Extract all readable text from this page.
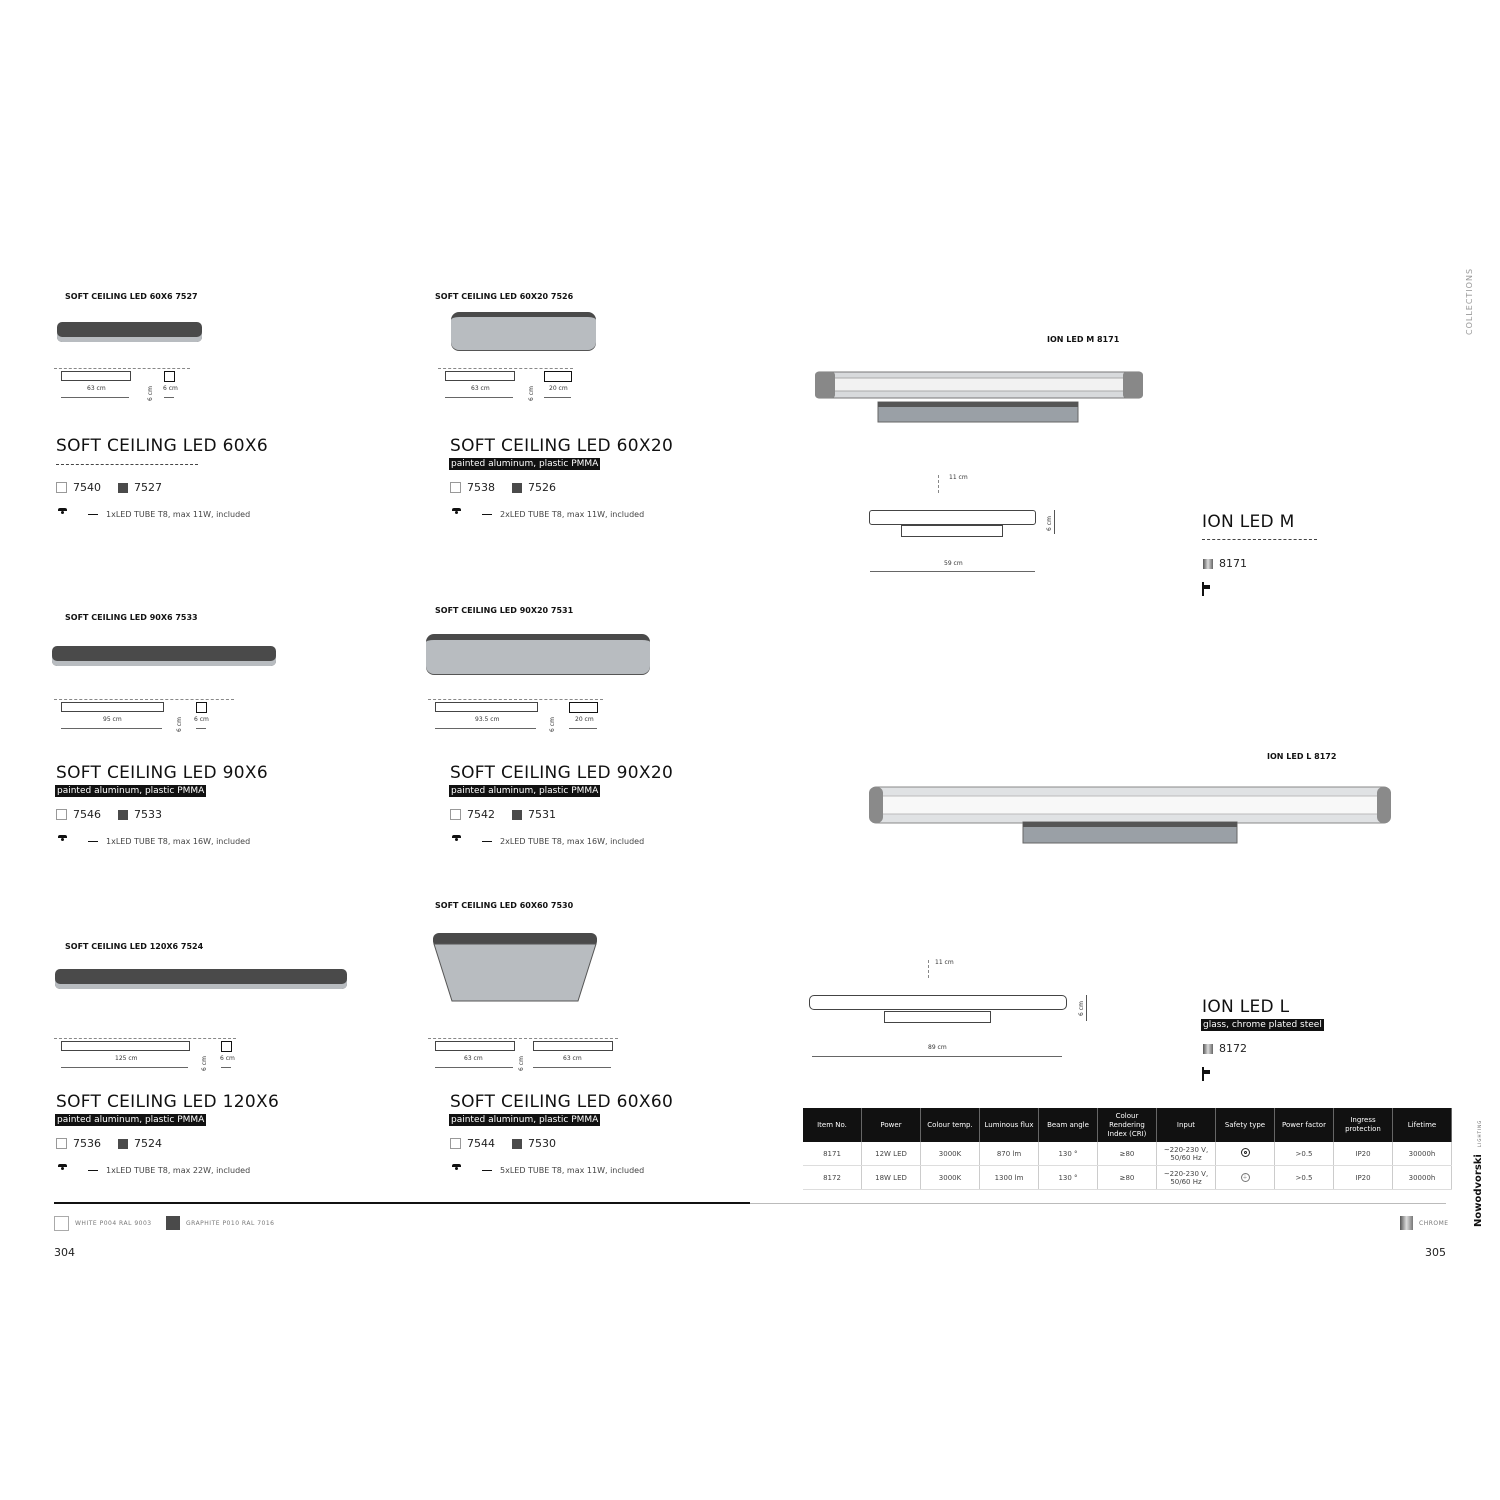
COLLECTIONS
SOFT CEILING LED 60X6 7527
63 cm	6 cm 6 cm
SOFT CEILING LED 60X6
7540	7527
1xLED TUBE T8, max 11W, included
SOFT CEILING LED 60X20 7526
63 cm	6 cm 20 cm
SOFT CEILING LED 60X20
painted aluminum, plastic PMMA
7538	7526
2xLED TUBE T8, max 11W, included
SOFT CEILING LED 90X6 7533
95 cm	6 cm 6 cm
SOFT CEILING LED 90X6
painted aluminum, plastic PMMA
7546	7533
1xLED TUBE T8, max 16W, included
SOFT CEILING LED 90X20 7531
93.5 cm	6 cm	20 cm
SOFT CEILING LED 90X20
painted aluminum, plastic PMMA
7542	7531
2xLED TUBE T8, max 16W, included
SOFT CEILING LED 120X6 7524
125 cm	6 cm 6 cm
SOFT CEILING LED 120X6
painted aluminum, plastic PMMA
7536	7524
1xLED TUBE T8, max 22W, included
SOFT CEILING LED 60X60 7530
63 cm	6 cm	63 cm
SOFT CEILING LED 60X60
painted aluminum, plastic PMMA
7544	7530
5xLED TUBE T8, max 11W, included
ION LED M 8171
11 cm
6 cm
59 cm
ION LED M
8171
ION LED L 8172
11 cm
6 cm
89 cm
ION LED L
glass, chrome plated steel
8172
Item No.	Power	Colour temp.	Luminous flux	Beam angle	Colour Rendering Index (CRI)	Input	Safety type	Power factor	Ingress protection	Lifetime
8171	12W LED	3000K	870 lm	130 °	≥80	~220-230 V, 50/60 Hz		>0.5	IP20	30000h
8172	18W LED	3000K	1300 lm	130 °	≥80	~220-230 V, 50/60 Hz	⏚	>0.5	IP20	30000h	Nowodvorski LIGHTING
WHITE P004 RAL 9003	GRAPHITE P010 RAL 7016	CHROME
304	305
